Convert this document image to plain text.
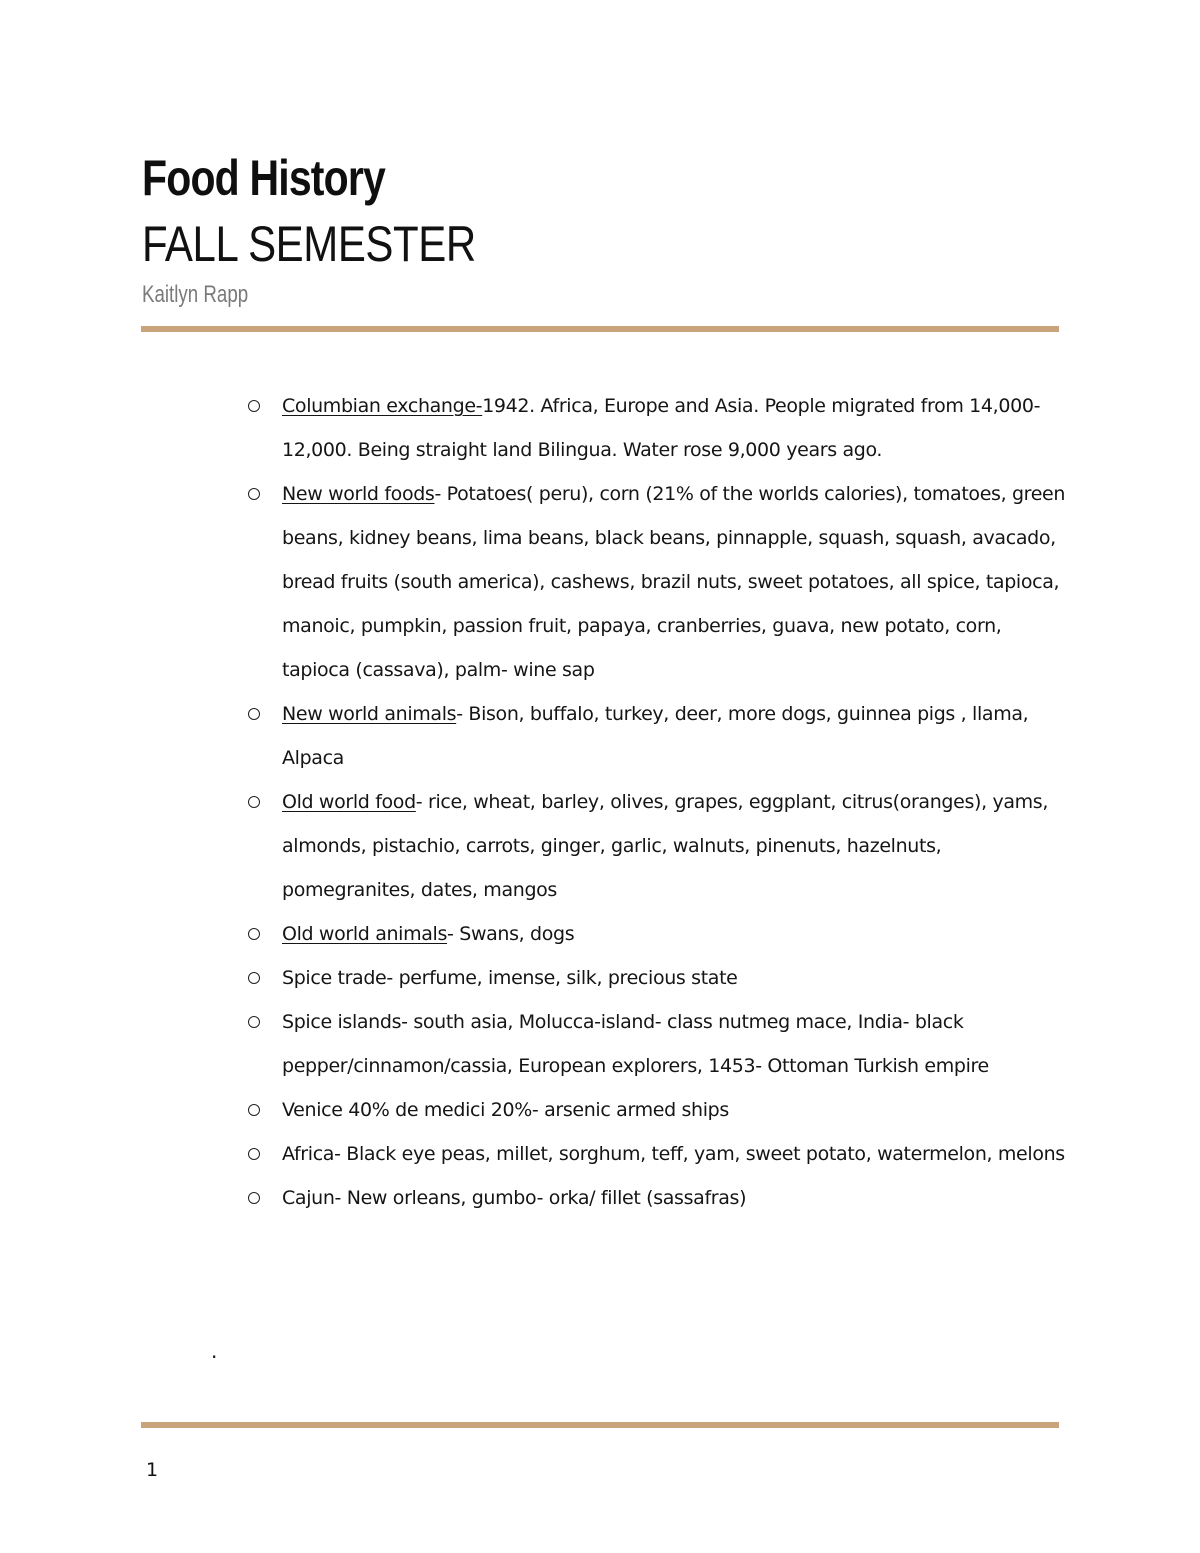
Food History
FALL SEMESTER
Kaitlyn Rapp
Columbian exchange-1942. Africa, Europe and Asia. People migrated from 14,000-12,000. Being straight land Bilingua. Water rose 9,000 years ago.
New world foods- Potatoes( peru), corn (21% of the worlds calories), tomatoes, green beans, kidney beans, lima beans, black beans, pinnapple, squash, squash, avacado, bread fruits (south america), cashews, brazil nuts, sweet potatoes, all spice, tapioca, manoic, pumpkin, passion fruit, papaya, cranberries, guava, new potato, corn, tapioca (cassava), palm- wine sap
New world animals- Bison, buffalo, turkey, deer, more dogs, guinnea pigs , llama, Alpaca
Old world food- rice, wheat, barley, olives, grapes, eggplant, citrus(oranges), yams, almonds, pistachio, carrots, ginger, garlic, walnuts, pinenuts, hazelnuts, pomegranites, dates, mangos
Old world animals- Swans, dogs
Spice trade- perfume, imense, silk, precious state
Spice islands- south asia, Molucca-island- class nutmeg mace, India- black pepper/cinnamon/cassia, European explorers, 1453- Ottoman Turkish empire
Venice 40% de medici 20%- arsenic armed ships
Africa- Black eye peas, millet, sorghum, teff, yam, sweet potato, watermelon, melons
Cajun- New orleans, gumbo- orka/ fillet (sassafras)
.
1
